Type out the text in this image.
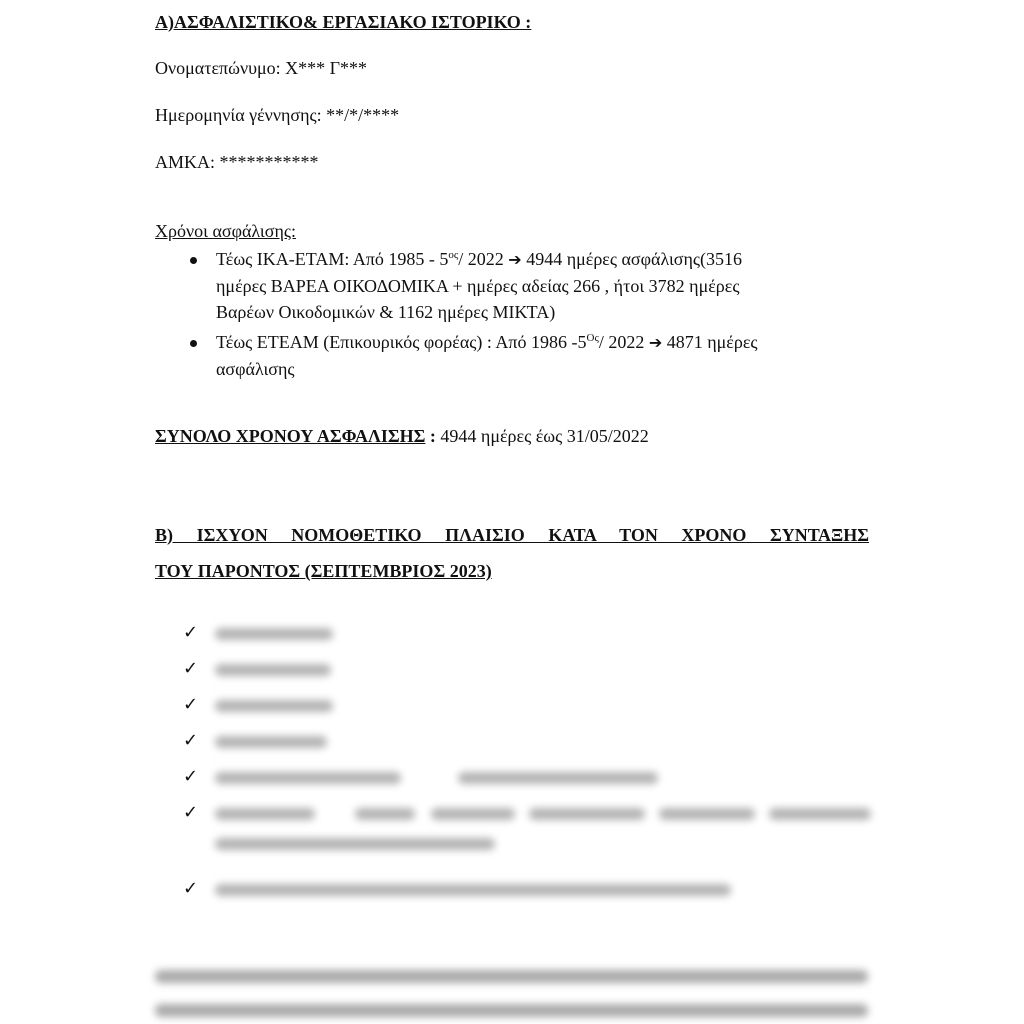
Α)ΑΣΦΑΛΙΣΤΙΚΟ& ΕΡΓΑΣΙΑΚΟ ΙΣΤΟΡΙΚΟ :
Ονοματεπώνυμο: Χ*** Γ***
Ημερομηνία γέννησης: **/*/****
ΑΜΚΑ: ***********
Χρόνοι ασφάλισης:
Τέως ΙΚΑ-ΕΤΑΜ: Από $1985 - 5^{o\varsigma}/$ 2022 ➔ 4944 ημέρες ασφάλισης(3516
ημέρες ΒΑΡΕΑ ΟΙΚΟΔΟΜΙΚΑ + ημέρες αδείας 266 , ήτοι 3782 ημέρες
Βαρέων Οικοδομικών & 1162 ημέρες ΜΙΚΤΑ)
Τέως ΕΤΕΑΜ (Επικουρικός φορέας) : Από 1986 $-5^{O\varsigma}/$ 2022 ➔ 4871 ημέρες
ασφάλισης
ΣΥΝΟΛΟ ΧΡΟΝΟΥ ΑΣΦΑΛΙΣΗΣ : 4944 ημέρες έως 31/05/2022
Β) ΙΣΧΥΟΝ ΝΟΜΟΘΕΤΙΚΟ ΠΛΑΙΣΙΟ ΚΑΤΑ ΤΟΝ ΧΡΟΝΟ ΣΥΝΤΑΞΗΣ
ΤΟΥ ΠΑΡΟΝΤΟΣ (ΣΕΠΤΕΜΒΡΙΟΣ 2023)
✓
✓
✓
✓
✓
✓
✓
